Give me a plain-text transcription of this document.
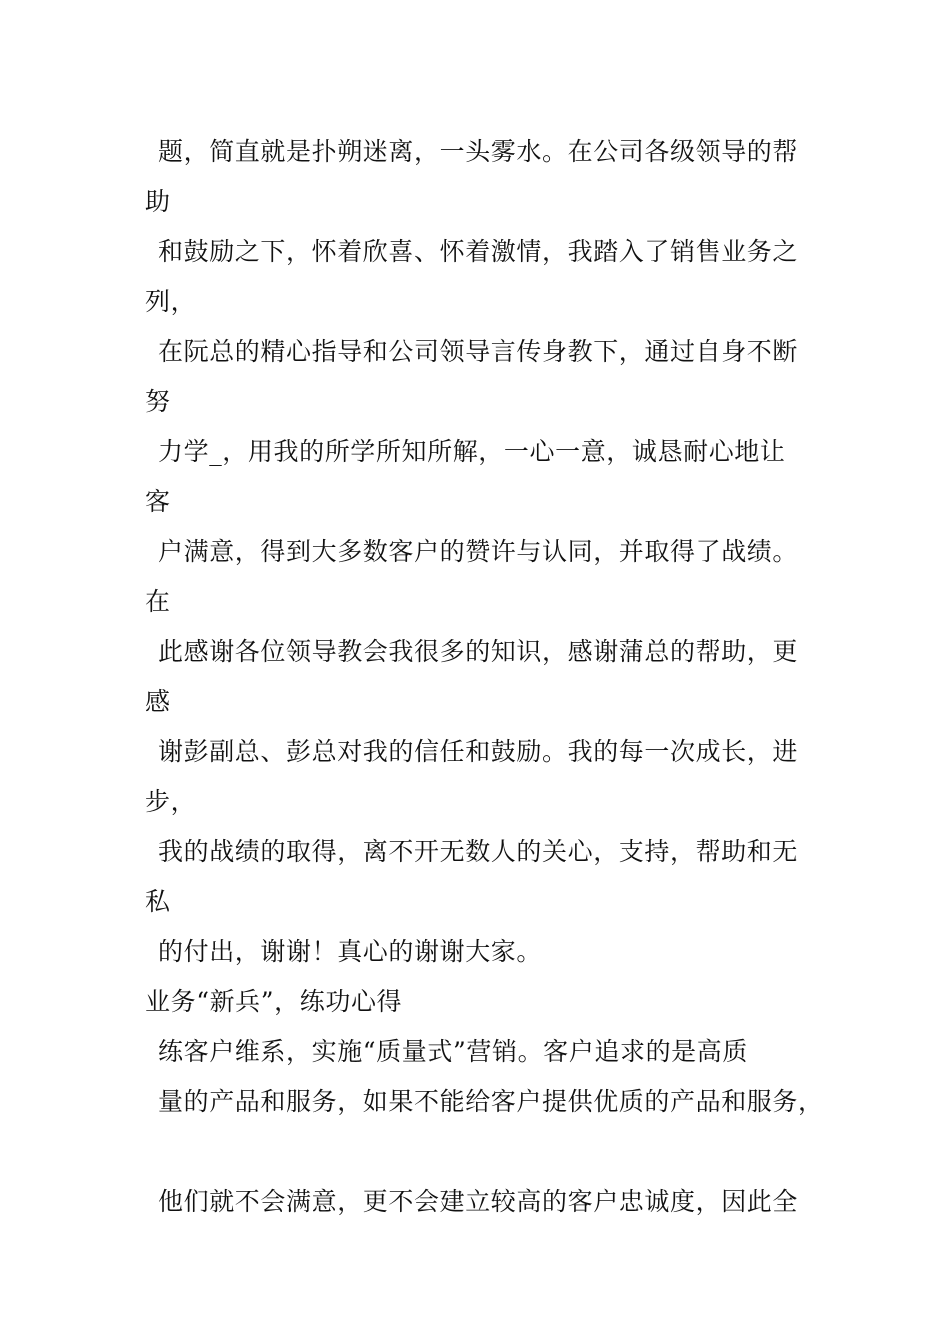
题，简直就是扑朔迷离，一头雾水。在公司各级领导的帮
助
和鼓励之下，怀着欣喜、怀着激情，我踏入了销售业务之
列，
在阮总的精心指导和公司领导言传身教下，通过自身不断
努
力学_，用我的所学所知所解，一心一意，诚恳耐心地让
客
户满意，得到大多数客户的赞许与认同，并取得了战绩。
在
此感谢各位领导教会我很多的知识，感谢蒲总的帮助，更
感
谢彭副总、彭总对我的信任和鼓励。我的每一次成长，进
步，
我的战绩的取得，离不开无数人的关心，支持，帮助和无
私
的付出，谢谢！真心的谢谢大家。
业务“新兵”，练功心得
练客户维系，实施“质量式”营销。客户追求的是高质
量的产品和服务，如果不能给客户提供优质的产品和服务，
他们就不会满意，更不会建立较高的客户忠诚度，因此全
